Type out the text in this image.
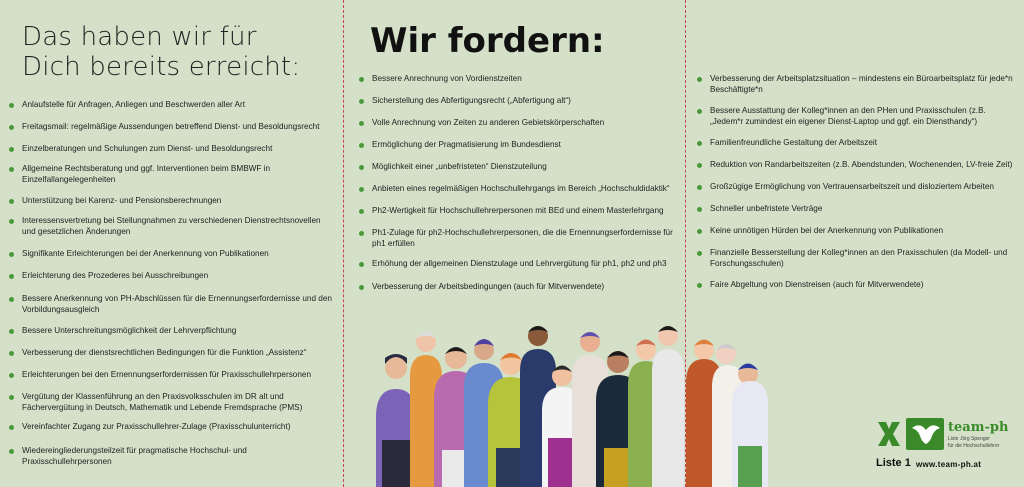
Das haben wir für
Dich bereits erreicht:
Anlaufstelle für Anfragen, Anliegen und Beschwerden aller Art
Freitagsmail: regelmäßige Aussendungen betreffend Dienst- und Besoldungsrecht
Einzelberatungen und Schulungen zum Dienst- und Besoldungsrecht
Allgemeine Rechtsberatung und ggf. Interventionen beim BMBWF in Einzelfallangelegenheiten
Unterstützung bei Karenz- und Pensionsberechnungen
Interessensvertretung bei Stellungnahmen zu verschiedenen Dienstrechtsnovellen und gesetzlichen Änderungen
Signifikante Erleichterungen bei der Anerkennung von Publikationen
Erleichterung des Prozederes bei Ausschreibungen
Bessere Anerkennung von PH-Abschlüssen für die Ernennungserfordernisse und den Vorbildungsausgleich
Bessere Unterschreitungsmöglichkeit der Lehrverpflichtung
Verbesserung der dienstsrechtlichen Bedingungen für die Funktion „Assistenz“
Erleichterungen bei den Ernennungserfordernissen für Praxisschullehrpersonen
Vergütung der Klassenführung an den Praxisvolksschulen im DR alt und Fächervergütung in Deutsch, Mathematik und Lebende Fremdsprache (PMS)
Vereinfachter Zugang zur Praxisschullehrer-Zulage (Praxisschulunterricht)
Wiedereingliederungsteilzeit für pragmatische Hochschul- und Praxisschullehrpersonen
Wir fordern:
Bessere Anrechnung von Vordienstzeiten
Sicherstellung des Abfertigungsrecht („Abfertigung alt“)
Volle Anrechnung von Zeiten zu anderen Gebietskörperschaften
Ermöglichung der Pragmatisierung im Bundesdienst
Möglichkeit einer „unbefristeten“ Dienstzuteilung
Anbieten eines regelmäßigen Hochschullehrgangs im Bereich „Hochschuldidaktik“
Ph2-Wertigkeit für Hochschullehrerpersonen mit BEd und einem Masterlehrgang
Ph1-Zulage für ph2-Hochschullehrerpersonen, die die Ernennungserfordernisse für ph1 erfüllen
Erhöhung der allgemeinen Dienstzulage und Lehrvergütung für ph1, ph2 und ph3
Verbesserung der Arbeitsbedingungen (auch für Mitverwendete)
Verbesserung der Arbeitsplatzsituation – mindestens ein Büroarbeitsplatz für jede*n Beschäftigte*n
Bessere Ausstattung der Kolleg*innen an den PHen und Praxisschulen (z.B. „Jedem*r zumindest ein eigener Dienst-Laptop und ggf. ein Diensthandy“)
Familienfreundliche Gestaltung der Arbeitszeit
Reduktion von Randarbeitszeiten (z.B. Abendstunden, Wochenenden, LV-freie Zeit)
Großzügige Ermöglichung von Vertrauensarbeitszeit und disloziertem Arbeiten
Schneller unbefristete Verträge
Keine unnötigen Hürden bei der Anerkennung von Publikationen
Finanzielle Besserstellung der Kolleg*innen an den Praxisschulen (da Modell- und Forschungsschulen)
Faire Abgeltung von Dienstreisen (auch für Mitverwendete)
team-ph
Liste Jörg Spenger
für die Hochschullehrer
Liste 1 www.team-ph.at
